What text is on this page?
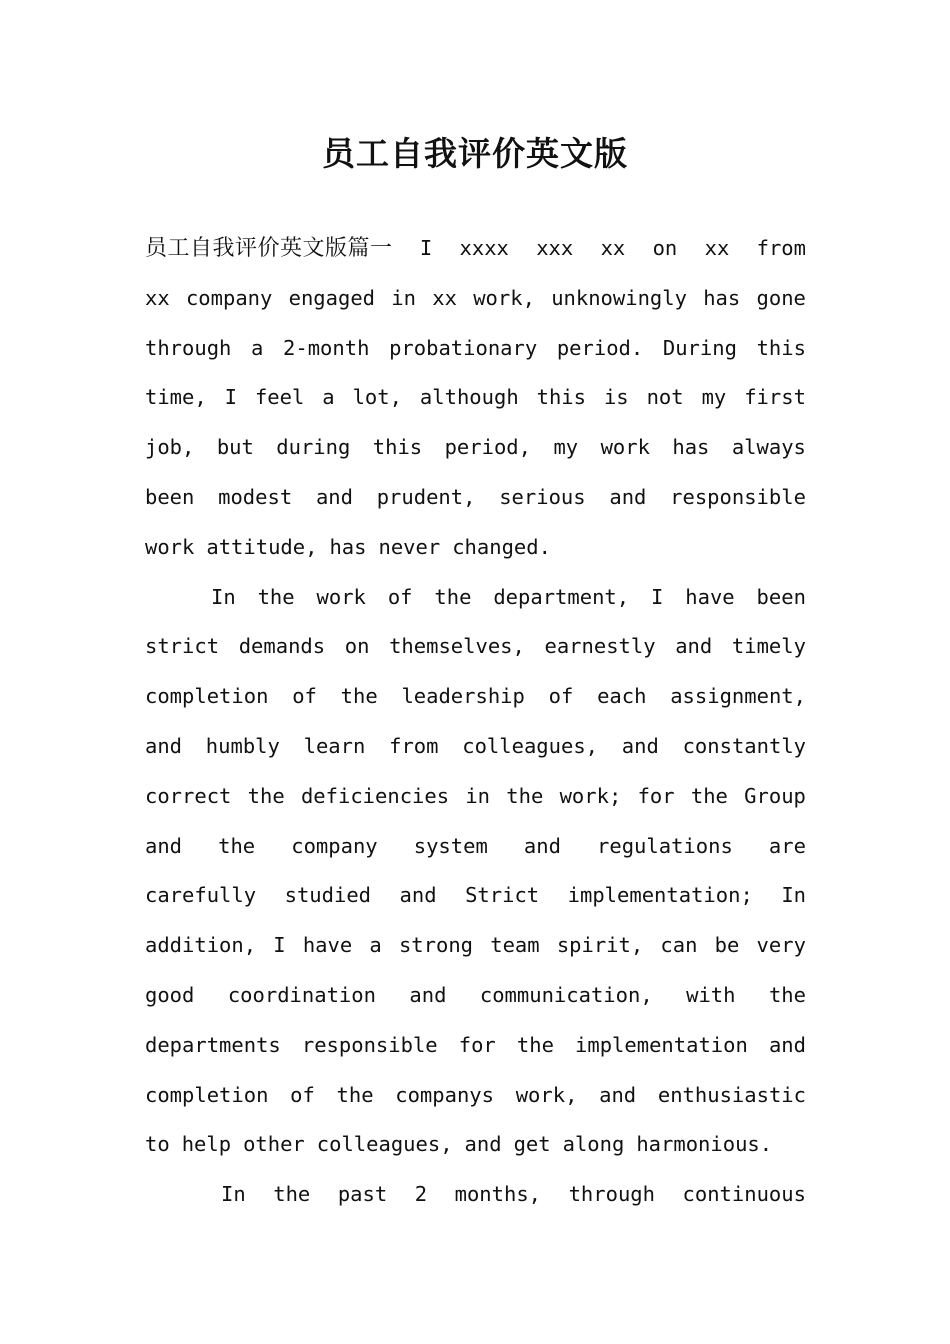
员工自我评价英文版
员工自我评价英文版篇一 I xxxx xxx xx on xx from
xx company engaged in xx work, unknowingly has gone
through a 2-month probationary period. During this
time, I feel a lot, although this is not my first
job, but during this period, my work has always
been modest and prudent, serious and responsible
work attitude, has never changed.
In the work of the department, I have been
strict demands on themselves, earnestly and timely
completion of the leadership of each assignment,
and humbly learn from colleagues, and constantly
correct the deficiencies in the work; for the Group
and the company system and regulations are
carefully studied and Strict implementation; In
addition, I have a strong team spirit, can be very
good coordination and communication, with the
departments responsible for the implementation and
completion of the companys work, and enthusiastic
to help other colleagues, and get along harmonious.
In the past 2 months, through continuous
